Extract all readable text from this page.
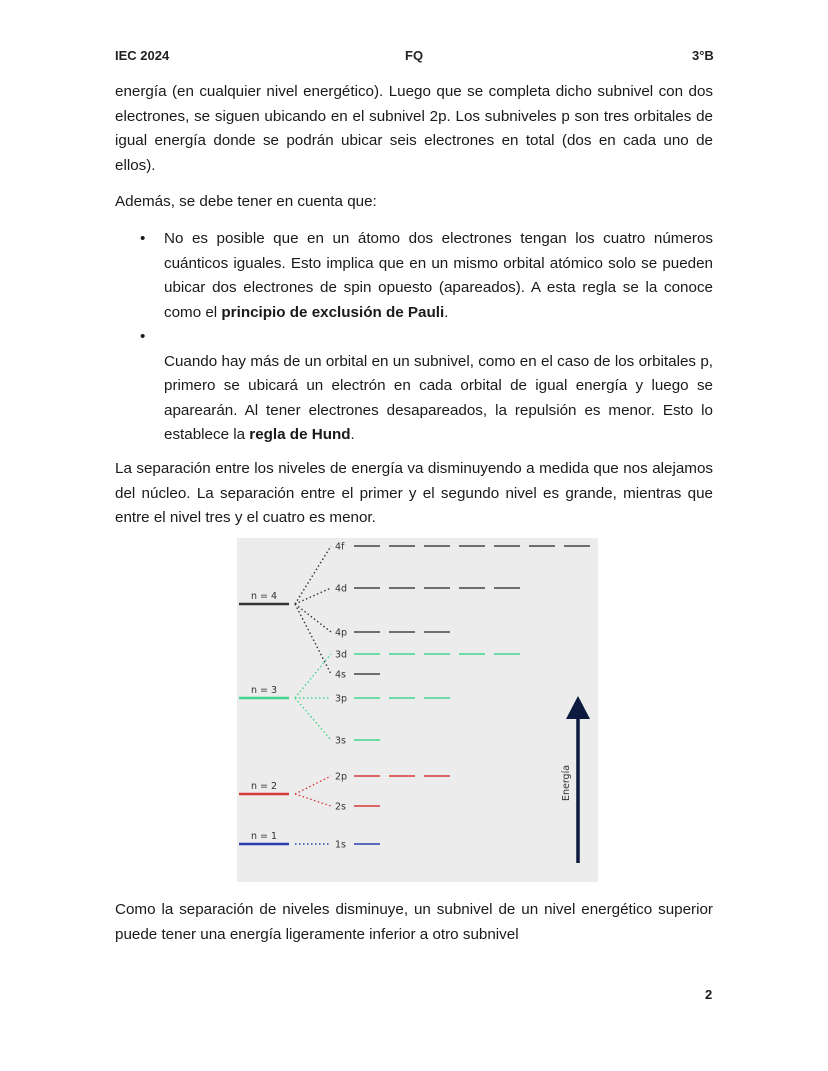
IEC 2024	FQ	3°B
energía (en cualquier nivel energético). Luego que se completa dicho subnivel con dos electrones, se siguen ubicando en el subnivel 2p. Los subniveles p son tres orbitales de igual energía donde se podrán ubicar seis electrones en total (dos en cada uno de ellos).
Además, se debe tener en cuenta que:
• No es posible que en un átomo dos electrones tengan los cuatro números cuánticos iguales. Esto implica que en un mismo orbital atómico solo se pueden ubicar dos electrones de spin opuesto (apareados). A esta regla se la conoce como el principio de exclusión de Pauli.
•
Cuando hay más de un orbital en un subnivel, como en el caso de los orbitales p, primero se ubicará un electrón en cada orbital de igual energía y luego se aparearán. Al tener electrones desapareados, la repulsión es menor. Esto lo establece la regla de Hund.
La separación entre los niveles de energía va disminuyendo a medida que nos alejamos del núcleo. La separación entre el primer y el segundo nivel es grande, mientras que entre el nivel tres y el cuatro es menor.
n = 4
n = 3
n = 2
n = 1
4f
4d
4p
3d
4s
3p
3s
2p
2s
1s
Energía
Como la separación de niveles disminuye, un subnivel de un nivel energético superior puede tener una energía ligeramente inferior a otro subnivel
2
